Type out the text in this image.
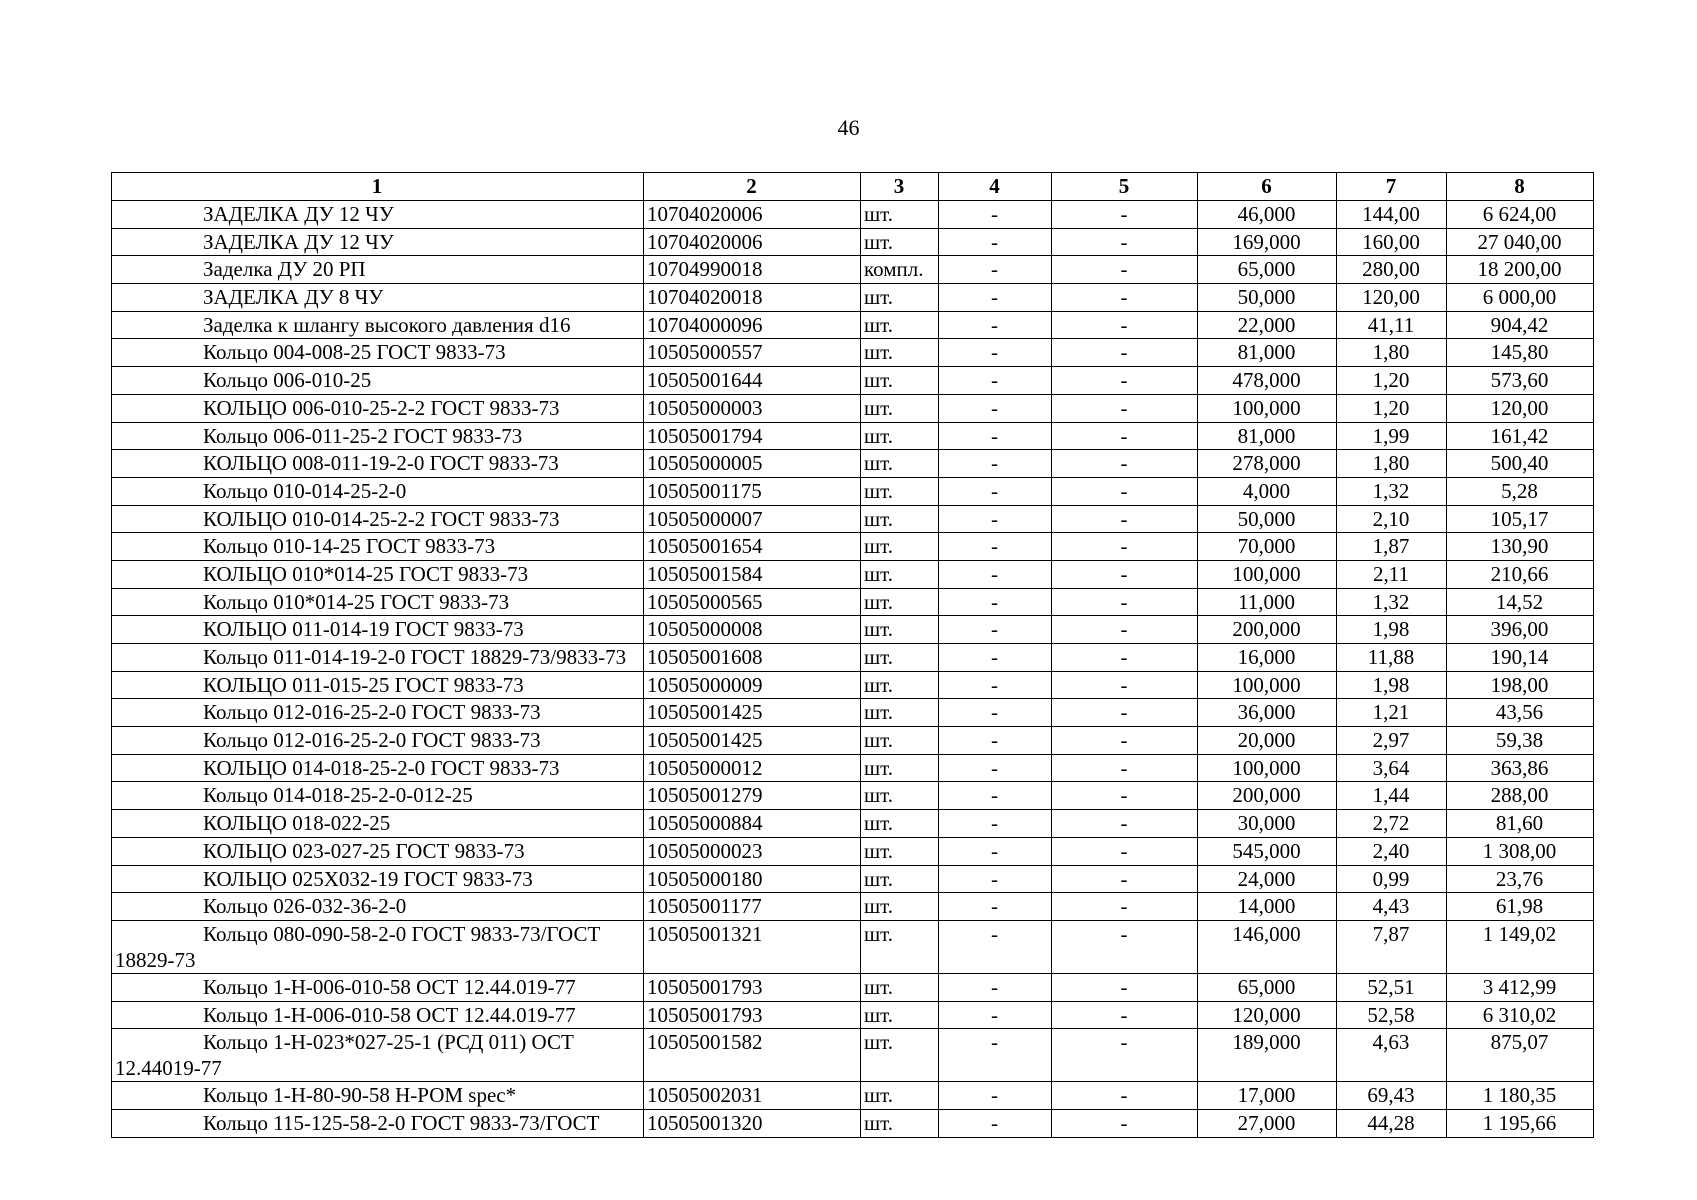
46
1	2	3	4	5	6	7	8
ЗАДЕЛКА ДУ 12 ЧУ	10704020006	шт.	-	-	46,000	144,00	6 624,00
ЗАДЕЛКА ДУ 12 ЧУ	10704020006	шт.	-	-	169,000	160,00	27 040,00
Заделка ДУ 20 РП	10704990018	компл.	-	-	65,000	280,00	18 200,00
ЗАДЕЛКА ДУ 8 ЧУ	10704020018	шт.	-	-	50,000	120,00	6 000,00
Заделка к шлангу высокого давления d16	10704000096	шт.	-	-	22,000	41,11	904,42
Кольцо 004-008-25 ГОСТ 9833-73	10505000557	шт.	-	-	81,000	1,80	145,80
Кольцо 006-010-25	10505001644	шт.	-	-	478,000	1,20	573,60
КОЛЬЦО 006-010-25-2-2 ГОСТ 9833-73	10505000003	шт.	-	-	100,000	1,20	120,00
Кольцо 006-011-25-2 ГОСТ 9833-73	10505001794	шт.	-	-	81,000	1,99	161,42
КОЛЬЦО 008-011-19-2-0 ГОСТ 9833-73	10505000005	шт.	-	-	278,000	1,80	500,40
Кольцо 010-014-25-2-0	10505001175	шт.	-	-	4,000	1,32	5,28
КОЛЬЦО 010-014-25-2-2 ГОСТ 9833-73	10505000007	шт.	-	-	50,000	2,10	105,17
Кольцо 010-14-25 ГОСТ 9833-73	10505001654	шт.	-	-	70,000	1,87	130,90
КОЛЬЦО 010*014-25 ГОСТ 9833-73	10505001584	шт.	-	-	100,000	2,11	210,66
Кольцо 010*014-25 ГОСТ 9833-73	10505000565	шт.	-	-	11,000	1,32	14,52
КОЛЬЦО 011-014-19 ГОСТ 9833-73	10505000008	шт.	-	-	200,000	1,98	396,00
Кольцо 011-014-19-2-0 ГОСТ 18829-73/9833-73	10505001608	шт.	-	-	16,000	11,88	190,14
КОЛЬЦО 011-015-25 ГОСТ 9833-73	10505000009	шт.	-	-	100,000	1,98	198,00
Кольцо 012-016-25-2-0 ГОСТ 9833-73	10505001425	шт.	-	-	36,000	1,21	43,56
Кольцо 012-016-25-2-0 ГОСТ 9833-73	10505001425	шт.	-	-	20,000	2,97	59,38
КОЛЬЦО 014-018-25-2-0 ГОСТ 9833-73	10505000012	шт.	-	-	100,000	3,64	363,86
Кольцо 014-018-25-2-0-012-25	10505001279	шт.	-	-	200,000	1,44	288,00
КОЛЬЦО 018-022-25	10505000884	шт.	-	-	30,000	2,72	81,60
КОЛЬЦО 023-027-25 ГОСТ 9833-73	10505000023	шт.	-	-	545,000	2,40	1 308,00
КОЛЬЦО 025Х032-19 ГОСТ 9833-73	10505000180	шт.	-	-	24,000	0,99	23,76
Кольцо 026-032-36-2-0	10505001177	шт.	-	-	14,000	4,43	61,98
Кольцо 080-090-58-2-0 ГОСТ 9833-73/ГОСТ 18829-73	10505001321	шт.	-	-	146,000	7,87	1 149,02
Кольцо 1-Н-006-010-58 ОСТ 12.44.019-77	10505001793	шт.	-	-	65,000	52,51	3 412,99
Кольцо 1-Н-006-010-58 ОСТ 12.44.019-77	10505001793	шт.	-	-	120,000	52,58	6 310,02
Кольцо 1-Н-023*027-25-1 (РСД 011) ОСТ 12.44019-77	10505001582	шт.	-	-	189,000	4,63	875,07
Кольцо 1-Н-80-90-58 Н-РОМ spec*	10505002031	шт.	-	-	17,000	69,43	1 180,35
Кольцо 115-125-58-2-0 ГОСТ 9833-73/ГОСТ	10505001320	шт.	-	-	27,000	44,28	1 195,66
